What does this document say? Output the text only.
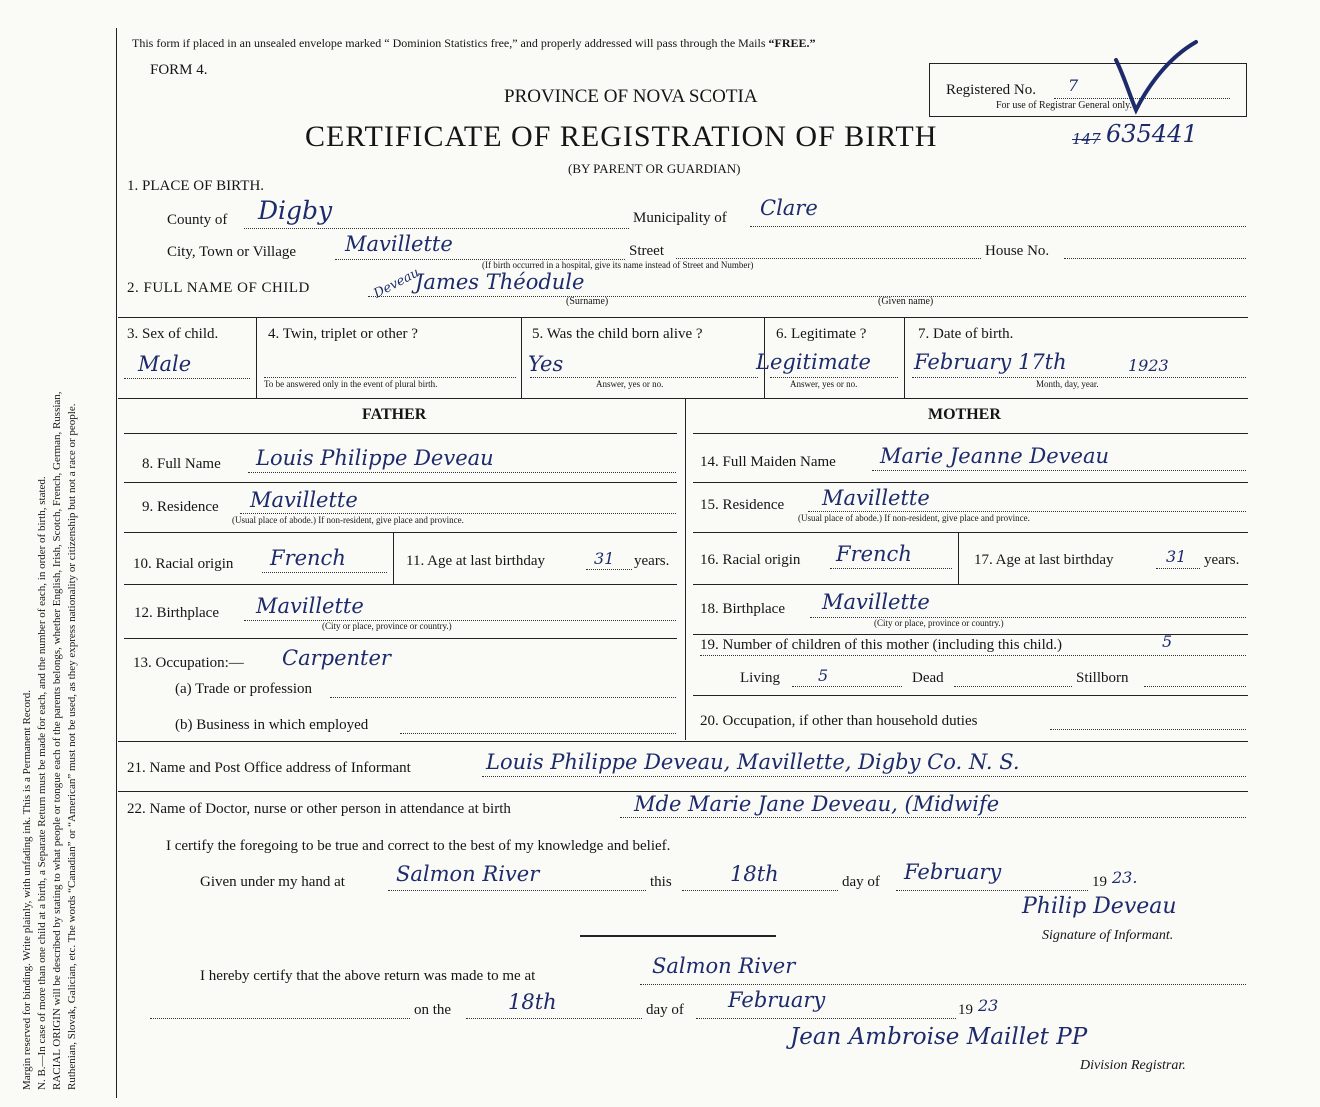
Margin reserved for binding. Write plainly, with unfading ink. This is a Permanent Record. N. B.—In case of more than one child at a birth, a Separate Return must be made for each, and the number of each, in order of birth, stated. RACIAL ORIGIN will be described by stating to what people or tongue each of the parents belongs, whether English, Irish, Scotch, French, German, Russian, Ruthenian, Slovak, Galician, etc. The words “Canadian” or “American” must not be used, as they express nationality or citizenship but not a race or people.
This form if placed in an unsealed envelope marked “ Dominion Statistics free,” and properly addressed will pass through the Mails “FREE.”
FORM 4.
PROVINCE OF NOVA SCOTIA
CERTIFICATE OF REGISTRATION OF BIRTH
(BY PARENT OR GUARDIAN)
Registered No. 7
For use of Registrar General only.
147 635441
1. PLACE OF BIRTH.
County of Digby	Municipality of Clare
City, Town or Village Mavillette	Street	House No.
(If birth occurred in a hospital, give its name instead of Street and Number)
2. FULL NAME OF CHILD	Deveau
James Théodule
(Surname)	(Given name)
3. Sex of child.
Male
4. Twin, triplet or other ?
To be answered only in the event of plural birth.
5. Was the child born alive ?
Yes
Answer, yes or no.
6. Legitimate ?
Legitimate
Answer, yes or no.
7. Date of birth.
February 17th	1923
Month, day, year.
FATHER	MOTHER
8. Full Name Louis Philippe Deveau
9. Residence Mavillette
(Usual place of abode.) If non-resident, give place and province.
10. Racial origin French	11. Age at last birthday	31 years.
12. Birthplace Mavillette
(City or place, province or country.)
13. Occupation:— Carpenter
(a) Trade or profession
(b) Business in which employed
14. Full Maiden Name Marie Jeanne Deveau
15. Residence Mavillette
(Usual place of abode.) If non-resident, give place and province.
16. Racial origin French	17. Age at last birthday	31 years.
18. Birthplace Mavillette
(City or place, province or country.)
19. Number of children of this mother (including this child.)	5
Living 5	Dead	Stillborn
20. Occupation, if other than household duties
21. Name and Post Office address of Informant	Louis Philippe Deveau, Mavillette, Digby Co. N. S.
22. Name of Doctor, nurse or other person in attendance at birth	Mde Marie Jane Deveau, (Midwife
I certify the foregoing to be true and correct to the best of my knowledge and belief.
Given under my hand at Salmon River	this	18th	day of February	19 23.
Philip Deveau
Signature of Informant.
I hereby certify that the above return was made to me at	Salmon River
on the	18th	day of February	19 23
Jean Ambroise Maillet PP
Division Registrar.
